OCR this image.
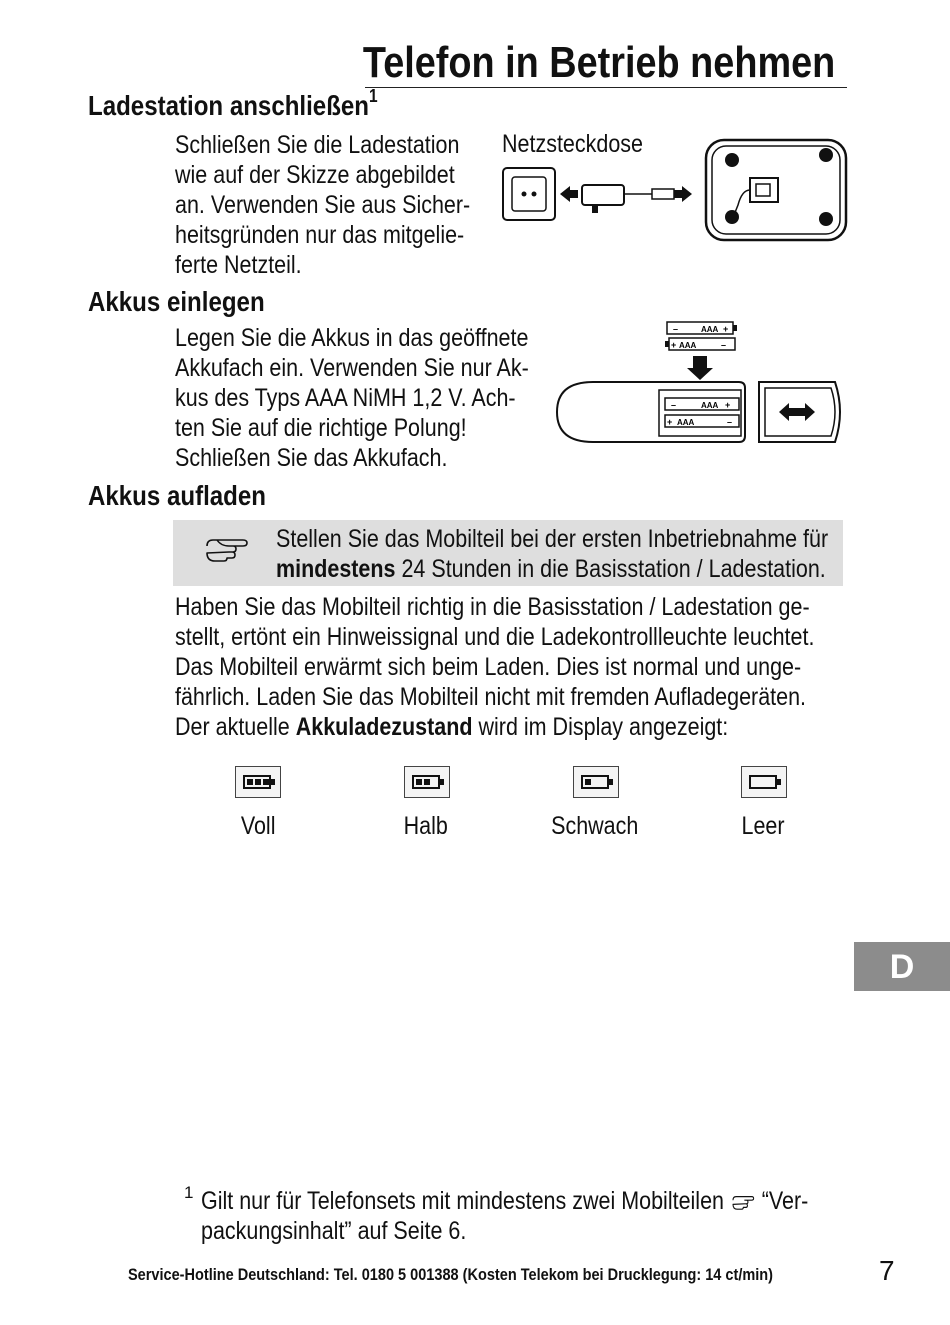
Telefon in Betrieb nehmen
Ladestation anschließen$^1$
Schließen Sie die Ladestation
wie auf der Skizze abgebildet
an. Verwenden Sie aus Sicher-
heitsgründen nur das mitgelie-
ferte Netzteil.
Netzsteckdose
Akkus einlegen
Legen Sie die Akkus in das geöffnete
Akkufach ein. Verwenden Sie nur Ak-
kus des Typs AAA NiMH 1,2 V. Ach-
ten Sie auf die richtige Polung!
Schließen Sie das Akkufach.
–	AAA +
+ AAA	–
–	AAA +
+ AAA	–
Akkus aufladen
Stellen Sie das Mobilteil bei der ersten Inbetriebnahme für
mindestens 24 Stunden in die Basisstation / Ladestation.
Haben Sie das Mobilteil richtig in die Basisstation / Ladestation ge-
stellt, ertönt ein Hinweissignal und die Ladekontrollleuchte leuchtet.
Das Mobilteil erwärmt sich beim Laden. Dies ist normal und unge-
fährlich. Laden Sie das Mobilteil nicht mit fremden Aufladegeräten.
Der aktuelle Akkuladezustand wird im Display angezeigt:
Voll	Halb	Schwach	Leer
D
1 Gilt nur für Telefonsets mit mindestens zwei Mobilteilen  “Ver-
packungsinhalt” auf Seite 6.
Service-Hotline Deutschland: Tel. 0180 5 001388 (Kosten Telekom bei Drucklegung: 14 ct/min)	7
